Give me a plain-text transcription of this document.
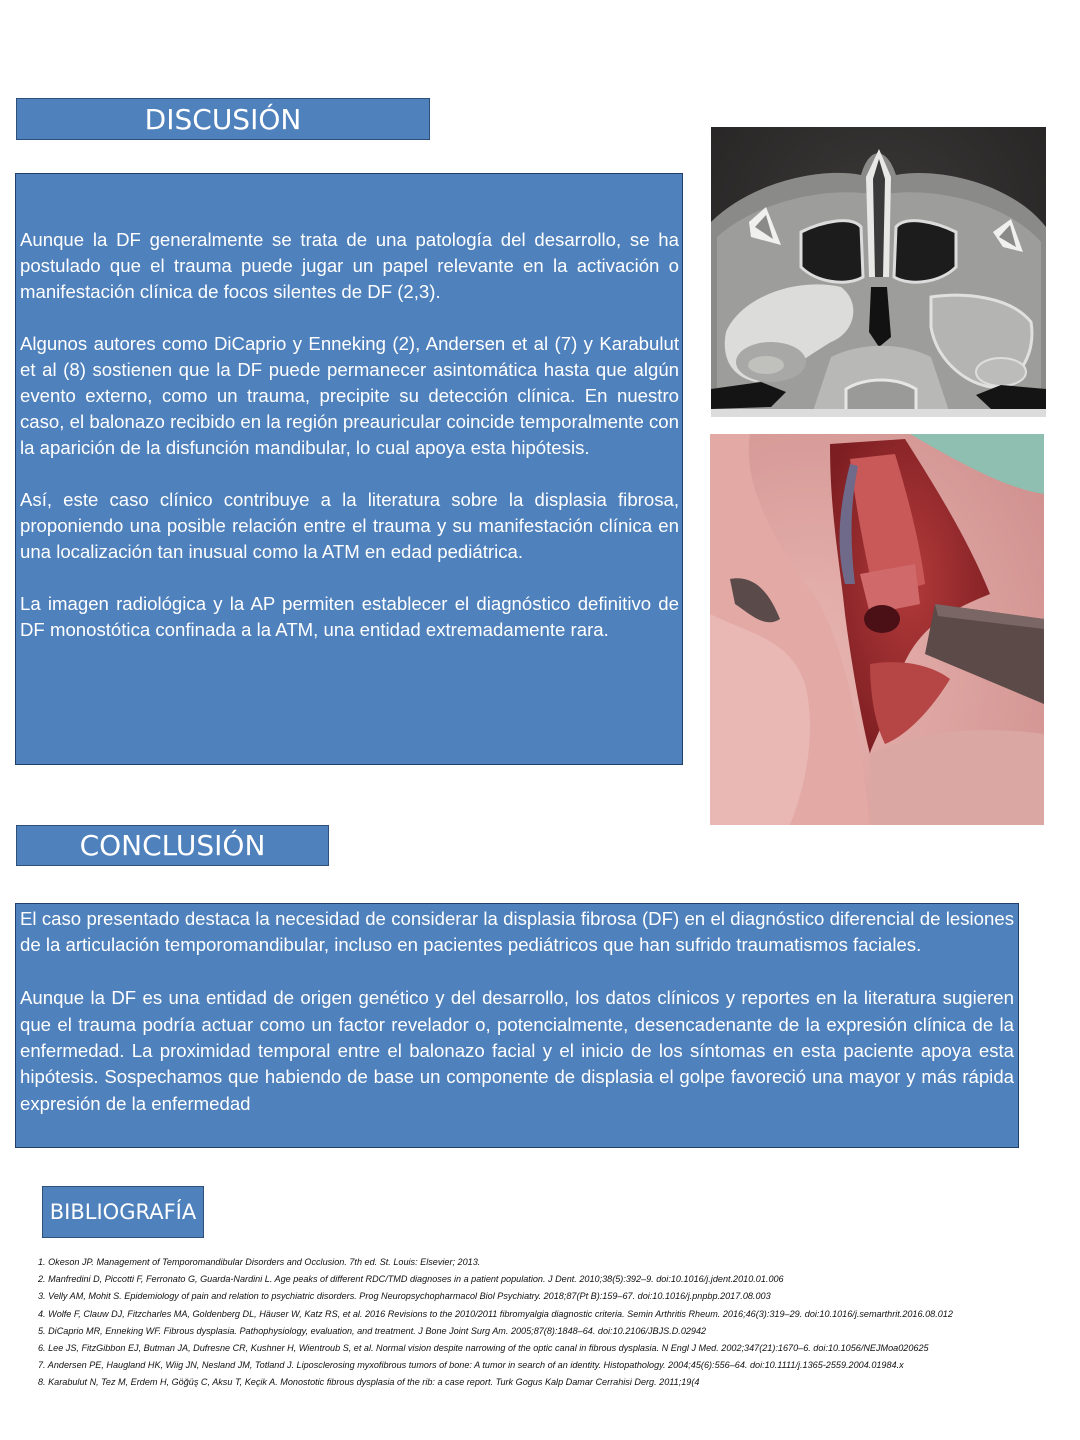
DISCUSIÓN

Aunque la DF generalmente se trata de una patología del desarrollo, se ha postulado que el trauma puede jugar un papel relevante en la activación o manifestación clínica de focos silentes de DF (2,3).

Algunos autores como DiCaprio y Enneking (2), Andersen et al (7) y Karabulut et al (8) sostienen que la DF puede permanecer asintomática hasta que algún evento externo, como un trauma, precipite su detección clínica. En nuestro caso, el balonazo recibido en la región preauricular coincide temporalmente con la aparición de la disfunción mandibular, lo cual apoya esta hipótesis.

Así, este caso clínico contribuye a la literatura sobre la displasia fibrosa, proponiendo una posible relación entre el trauma y su manifestación clínica en una localización tan inusual como la ATM en edad pediátrica.

La imagen radiológica y la AP permiten establecer el diagnóstico definitivo de DF monostótica confinada a la ATM, una entidad extremadamente rara.

CONCLUSIÓN

El caso presentado destaca la necesidad de considerar la displasia fibrosa (DF) en el diagnóstico diferencial de lesiones de la articulación temporomandibular, incluso en pacientes pediátricos que han sufrido traumatismos faciales.

Aunque la DF es una entidad de origen genético y del desarrollo, los datos clínicos y reportes en la literatura sugieren que el trauma podría actuar como un factor revelador o, potencialmente, desencadenante de la expresión clínica de la enfermedad. La proximidad temporal entre el balonazo facial y el inicio de los síntomas en esta paciente apoya esta hipótesis. Sospechamos que habiendo de base un componente de displasia el golpe favoreció una mayor y más rápida expresión de la enfermedad

BIBLIOGRAFÍA
1. Okeson JP. Management of Temporomandibular Disorders and Occlusion. 7th ed. St. Louis: Elsevier; 2013.
2. Manfredini D, Piccotti F, Ferronato G, Guarda-Nardini L. Age peaks of different RDC/TMD diagnoses in a patient population. J Dent. 2010;38(5):392–9. doi:10.1016/j.jdent.2010.01.006
3. Velly AM, Mohit S. Epidemiology of pain and relation to psychiatric disorders. Prog Neuropsychopharmacol Biol Psychiatry. 2018;87(Pt B):159–67. doi:10.1016/j.pnpbp.2017.08.003
4. Wolfe F, Clauw DJ, Fitzcharles MA, Goldenberg DL, Häuser W, Katz RS, et al. 2016 Revisions to the 2010/2011 fibromyalgia diagnostic criteria. Semin Arthritis Rheum. 2016;46(3):319–29. doi:10.1016/j.semarthrit.2016.08.012
5. DiCaprio MR, Enneking WF. Fibrous dysplasia. Pathophysiology, evaluation, and treatment. J Bone Joint Surg Am. 2005;87(8):1848–64. doi:10.2106/JBJS.D.02942
6. Lee JS, FitzGibbon EJ, Butman JA, Dufresne CR, Kushner H, Wientroub S, et al. Normal vision despite narrowing of the optic canal in fibrous dysplasia. N Engl J Med. 2002;347(21):1670–6. doi:10.1056/NEJMoa020625
7. Andersen PE, Haugland HK, Wiig JN, Nesland JM, Totland J. Liposclerosing myxofibrous tumors of bone: A tumor in search of an identity. Histopathology. 2004;45(6):556–64. doi:10.1111/j.1365-2559.2004.01984.x
8. Karabulut N, Tez M, Erdem H, Göğüş C, Aksu T, Keçik A. Monostotic fibrous dysplasia of the rib: a case report. Turk Gogus Kalp Damar Cerrahisi Derg. 2011;19(4
